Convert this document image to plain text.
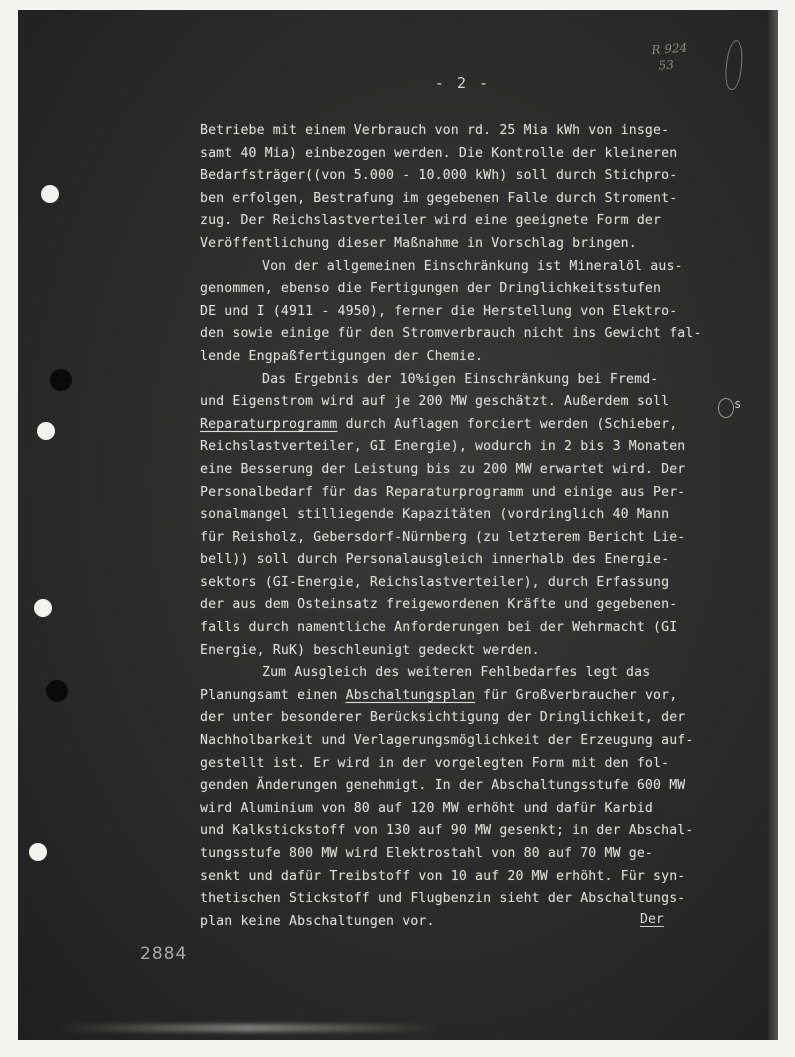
- 2 -
R 924
53
Betriebe mit einem Verbrauch von rd. 25 Mia kWh von insge-
samt 40 Mia) einbezogen werden. Die Kontrolle der kleineren
Bedarfsträger((von 5.000 - 10.000 kWh) soll durch Stichpro-
ben erfolgen, Bestrafung im gegebenen Falle durch Stroment-
zug. Der Reichslastverteiler wird eine geeignete Form der
Veröffentlichung dieser Maßnahme in Vorschlag bringen.
Von der allgemeinen Einschränkung ist Mineralöl aus-
genommen, ebenso die Fertigungen der Dringlichkeitsstufen
DE und I (4911 - 4950), ferner die Herstellung von Elektro-
den sowie einige für den Stromverbrauch nicht ins Gewicht fal-
lende Engpaßfertigungen der Chemie.
Das Ergebnis der 10%igen Einschränkung bei Fremd-
und Eigenstrom wird auf je 200 MW geschätzt. Außerdem soll
Reparaturprogramm durch Auflagen forciert werden (Schieber,
Reichslastverteiler, GI Energie), wodurch in 2 bis 3 Monaten
eine Besserung der Leistung bis zu 200 MW erwartet wird. Der
Personalbedarf für das Reparaturprogramm und einige aus Per-
sonalmangel stilliegende Kapazitäten (vordringlich 40 Mann
für Reisholz, Gebersdorf-Nürnberg (zu letzterem Bericht Lie-
bell)) soll durch Personalausgleich innerhalb des Energie-
sektors (GI-Energie, Reichslastverteiler), durch Erfassung
der aus dem Osteinsatz freigewordenen Kräfte und gegebenen-
falls durch namentliche Anforderungen bei der Wehrmacht (GI
Energie, RuK) beschleunigt gedeckt werden.
Zum Ausgleich des weiteren Fehlbedarfes legt das
Planungsamt einen Abschaltungsplan für Großverbraucher vor,
der unter besonderer Berücksichtigung der Dringlichkeit, der
Nachholbarkeit und Verlagerungsmöglichkeit der Erzeugung auf-
gestellt ist. Er wird in der vorgelegten Form mit den fol-
genden Änderungen genehmigt. In der Abschaltungsstufe 600 MW
wird Aluminium von 80 auf 120 MW erhöht und dafür Karbid
und Kalkstickstoff von 130 auf 90 MW gesenkt; in der Abschal-
tungsstufe 800 MW wird Elektrostahl von 80 auf 70 MW ge-
senkt und dafür Treibstoff von 10 auf 20 MW erhöht. Für syn-
thetischen Stickstoff und Flugbenzin sieht der Abschaltungs-
plan keine Abschaltungen vor.
s
Der
2884
